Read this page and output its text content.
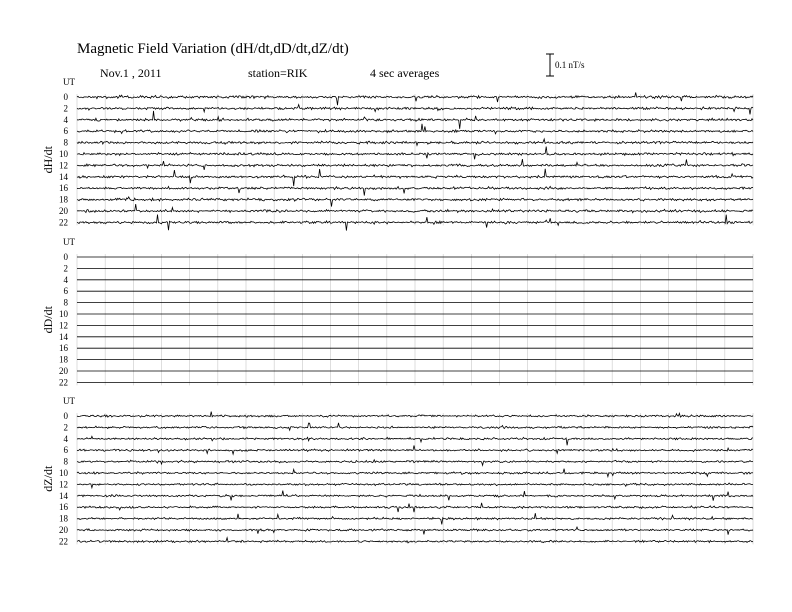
Magnetic Field Variation (dH/dt,dD/dt,dZ/dt)
Nov.1 , 2011	station=RIK	4 sec averages
0.1 nT/s
UT
dH/dt
0
2
4
6
8
10
12
14
16
18
20
22
UT
dD/dt
0
2
4
6
8
10
12
14
16
18
20
22
UT
dZ/dt
0
2
4
6
8
10
12
14
16
18
20
22
